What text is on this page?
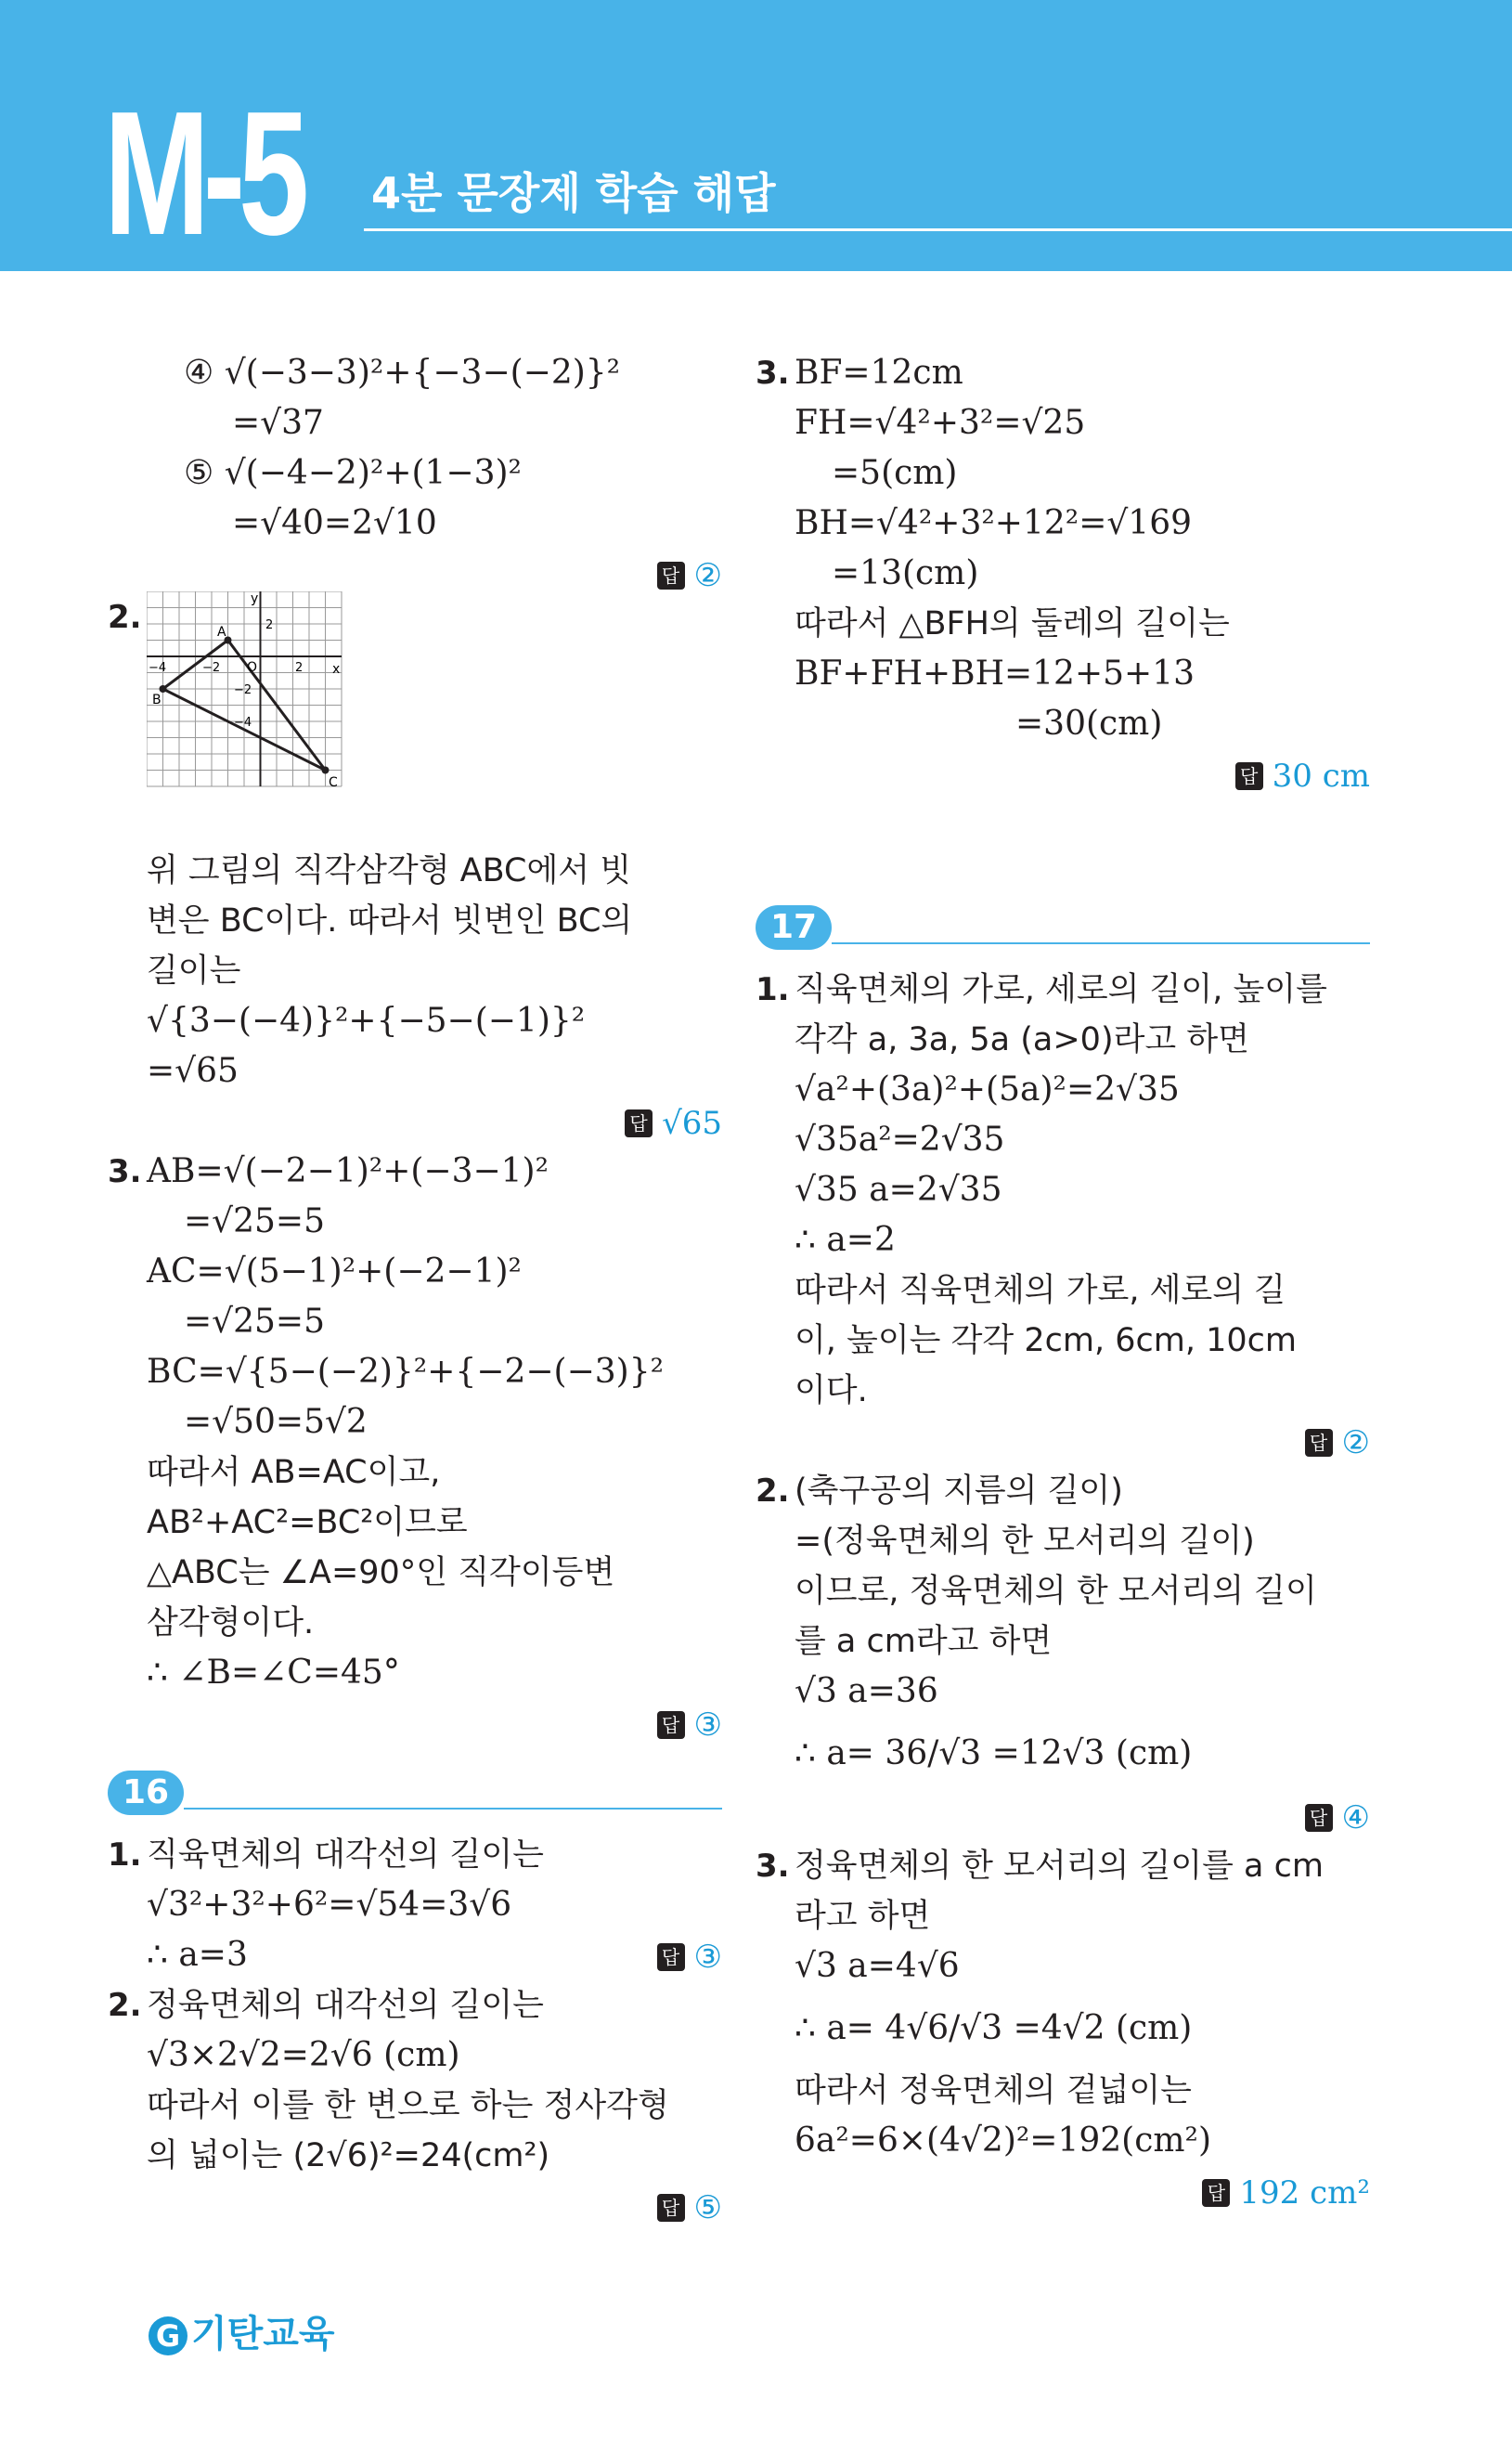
M-5 4분 문장제 학습 해답
④ √(−3−3)²+{−3−(−2)}²
=√37
⑤ √(−4−2)²+(1−3)²
=√40=2√10
답 ②
2.	y
x
A
B
C
O	2
−2
−4
2
−2
−4
위 그림의 직각삼각형 ABC에서 빗
변은 BC이다. 따라서 빗변인 BC의
길이는
√{3−(−4)}²+{−5−(−1)}²
=√65
답 √65
3. AB=√(−2−1)²+(−3−1)²
=√25=5
AC=√(5−1)²+(−2−1)²
=√25=5
BC=√{5−(−2)}²+{−2−(−3)}²
=√50=5√2
따라서 AB=AC이고,
AB²+AC²=BC²이므로
△ABC는 ∠A=90°인 직각이등변
삼각형이다.
∴ ∠B=∠C=45°
답 ③
16
1. 직육면체의 대각선의 길이는
√3²+3²+6²=√54=3√6
∴ a=3	답 ③
2. 정육면체의 대각선의 길이는
√3×2√2=2√6 (cm)
따라서 이를 한 변으로 하는 정사각형
의 넓이는 (2√6)²=24(cm²)
답 ⑤
3. BF=12cm
FH=√4²+3²=√25
=5(cm)
BH=√4²+3²+12²=√169
=13(cm)
따라서 △BFH의 둘레의 길이는
BF+FH+BH=12+5+13
=30(cm)
답 30 cm
17
1. 직육면체의 가로, 세로의 길이, 높이를
각각 a, 3a, 5a (a>0)라고 하면
√a²+(3a)²+(5a)²=2√35
√35a²=2√35
√35 a=2√35
∴ a=2
따라서 직육면체의 가로, 세로의 길
이, 높이는 각각 2cm, 6cm, 10cm
이다.
답 ②
2. (축구공의 지름의 길이)
=(정육면체의 한 모서리의 길이)
이므로, 정육면체의 한 모서리의 길이
를 a cm라고 하면
√3 a=36
∴ a= 36/√3 =12√3 (cm)
답 ④
3. 정육면체의 한 모서리의 길이를 a cm
라고 하면
√3 a=4√6
∴ a= 4√6/√3 =4√2 (cm)
따라서 정육면체의 겉넓이는
6a²=6×(4√2)²=192(cm²)
답 192 cm²
G 기탄교육
